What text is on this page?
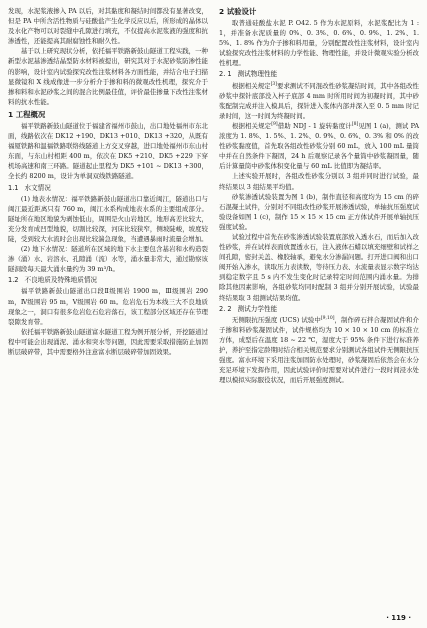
发现，水泥浆液掺入 PA 以后，对其黏度和凝结时间都没有显著改变，但是 PA 中所含活性物质与硅酸盐产生化学反应以后，所形成的晶体以及水化产物可以对裂缝中孔隙进行填充，不仅提高水泥浆液的强度和抗渗透性，还能提高其耐腐蚀性和耐久性。

基于以上研究现状分析，依托福平铁路新鼓山隧道工程实践，一种新型水泥基渗透结晶型防水材料被提出，研究其对于水泥砂浆防渗性能的影响，设计室内试验探究改性注浆材料各方面性能，并结合电子扫描显微镜和 X 线成像进一步分析介于掺和料的微观改性机理，探究介于掺和料和水泥砂浆之间的混合比例最佳值，评价最佳掺量下改性注浆材料的抗水性能。

1 工程概况

福平铁路新鼓山隧道位于福建省福州市鼓山，出口地处福州市东北面，线路依次在 DK12 +190、DK13 +010、DK13 +320，从既有福厦铁路和温福铁路联络线隧道上方交叉穿越，进口地处福州市东山村东面，与东山村相距 400 m，依次在 DK5 +210、DK5 +229 下穿机场高速和南三环路。隧道起止里程为 DK5 +101 ~ DK13 +300，全长约 8200 m，设计为单洞双线铁路隧道。

1.1 水文情况

(1) 地表水情况：福平铁路新鼓山隧道出口靠近闽江，隧道出口与闽江最近距离只有 760 m，闽江水系构成地表水系的主要组成部分。隧址所在地区地貌为剥蚀低山，周围是火山岩地区，地形高差比较大，充分发育成凹型地貌，切割比较深，河床比较狭窄，侧坡陡峻，坡度较陡，受到较大水流时会出现比较湍急现象，当遭遇暴雨时流量会增加。

(2) 地下水情况：隧道所在区域的地下水主要包含基岩和水构造裂渗（涌）水、岩溶水、孔隙涌（流）水等，涌水量非常大，通过勘察该隧洞段每天最大涌水量约为 39 m³/h。

1.2 不良地质及特殊地质情况

福平铁路新鼓山隧道出口段Ⅱ级围岩 1900 m，Ⅲ级围岩 290 m，Ⅳ级围岩 95 m，Ⅴ级围岩 60 m。危岩危石为本线三大不良地质现象之一，洞口有很多危岩危石危岩落石，该工程部分区域还存在节理裂隙发育带。

依托福平铁路新鼓山隧道富水隧道工程为例开展分析，开挖隧道过程中可能会出现涌泥、涌水和突水等问题，因此需要采取措施防止加固断层破碎带，其中需要格外注意富水断层破碎带加固效果。

2 试验设计

取普通硅酸盐水泥 P. O42. 5 作为水泥原料，水泥浆配比为 1 : 1，并准备水泥质量的 0%、0. 3%、0. 6%、0. 9%、1. 2%、1. 5%、1. 8% 作为介子掺和料用量，分别配置改性注浆材料，设计室内试验探究改性注浆材料的力学性能、物理性能，并设计微观实验分析改性机理。

2. 1 测试物理性能

根据相关规定[3]要求测试不同混改性砂浆凝结时间，其中各组改性砂浆中探针底部没入杯子底部 4 mm 时所用时间为初凝时间，其中砂浆配制完成并注入模具后，探针进入浆体内部并深入至 0. 5 mm 时记录时间，这一时间为终凝时间。

根据相关规定[9]借助 NDJ - 1 旋转黏度计[8]见图 1 (a)，测试 PA 浓度为 1. 8%、1. 5%、1. 2%、0. 9%、0. 6%、0. 3% 和 0% 的改性砂浆黏度值，首先取各组改性砂浆分别 60 mL，放入 100 mL 量筒中并在自然条件下凝固，24 h 后观察记录各个量筒中砂浆凝固量，随后计算量筒中砂浆体积变化量与 60 mL 比值即为凝结率。

上述实验开展时，各组改性砂浆分别以 3 组并同时进行试验，最终结果以 3 组结果平均值。

砂浆渗透试验装置为图 1 (b)，制作直径和高度均为 15 cm 的碎石混凝土试件，分别对不同组改性砂浆开展渗透试验，单轴抗压强度试验设备如图 1 (c)，制作 15 × 15 × 15 cm 正方体试件开展单轴抗压强度试验。

试验过程中首先在砂浆渗透试验装置底部放入透水石，而后加入改性砂浆，并在试样表面放置透水石，注入液体石蜡以填充细壁和试样之间孔隙，密封关盖、橡胶轴承，避免水分渗漏问题。打开进口阀和出口阀开始入渗水，读取压力表读数，等待压力表、水流量表显示数字均达到稳定数字且 5 s 内不发生变化时记录特定时间范围内涌水量。为排除其他因素影响，各组砂浆均同时配制 3 组并分别开展试验，试验最终结果取 3 组测试结果均值。

2. 2 测试力学性能

无侧限抗压强度 (UCS) 试验中[9,10]，制作碎石拌合凝固试件和介子掺和料砂浆凝固试件，试件规格均为 10 × 10 × 10 cm 的标准立方体，成型后在温度 18 ~ 22 ℃，湿度大于 95% 条件下进行标准养护，养护至指定龄期时结合相关规范要求分别测试各组试件无侧限抗压强度。富水环境下采用注浆加固防水处理时，砂浆凝固后依然会在水分充足环境下发挥作用，因此试验评价时需要对试件进行一段时间浸水处理以模拟实际服役状况，而后开展强度测试。

· 119 ·
